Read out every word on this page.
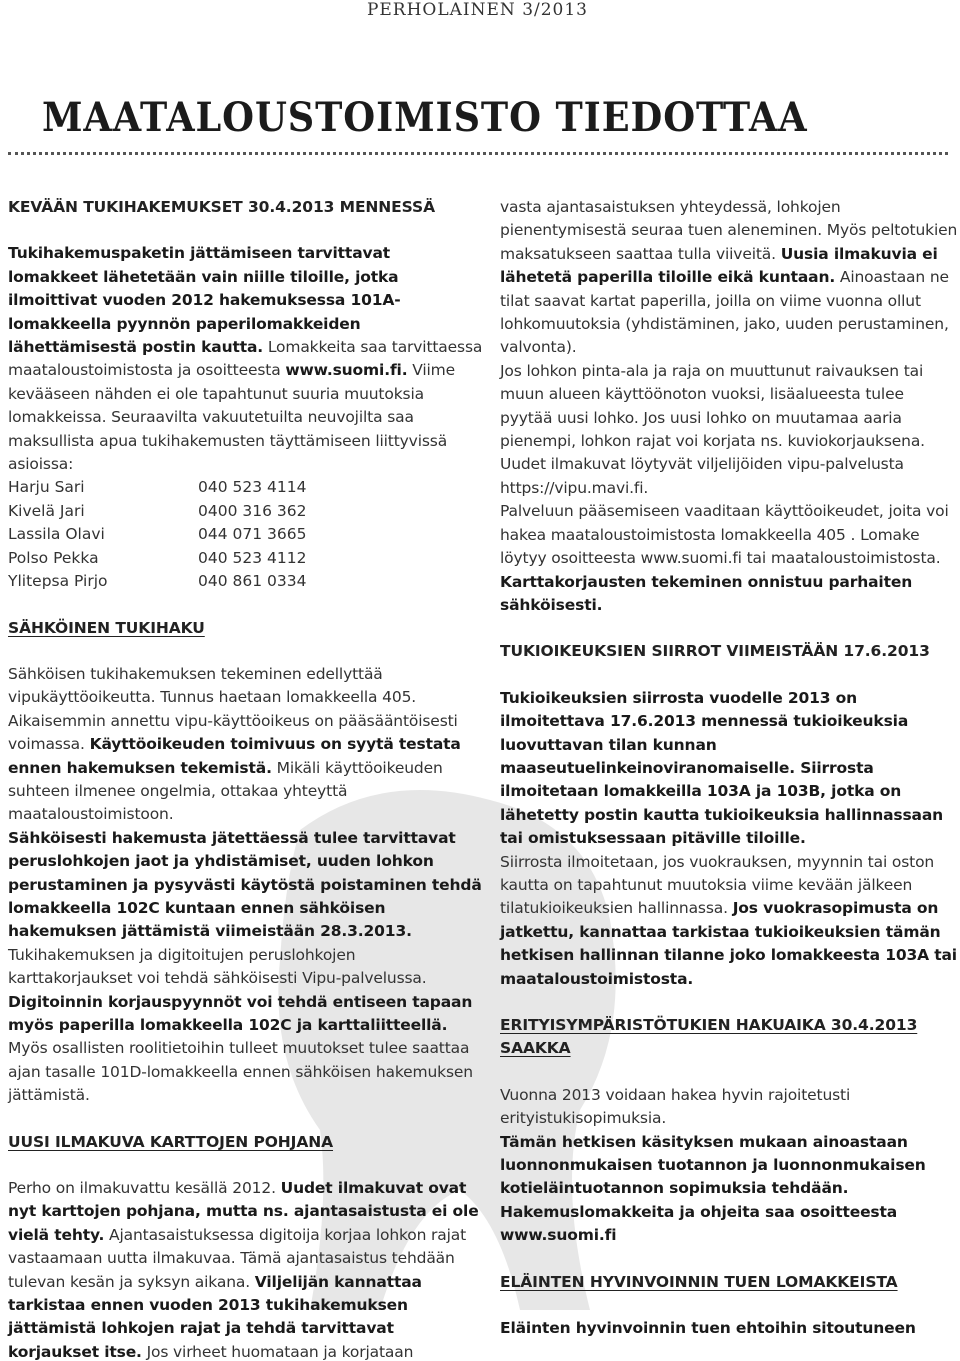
PERHOLAINEN 3/2013
MAATALOUSTOIMISTO TIEDOTTAA
KEVÄÄN TUKIHAKEMUKSET 30.4.2013 MENNESSÄ

Tukihakemuspaketin jättämiseen tarvittavat lomakkeet lähetetään vain niille tiloille, jotka ilmoittivat vuoden 2012 hakemuksessa 101A-lomakkeella pyynnön paperilomakkeiden lähettämisestä postin kautta. Lomakkeita saa tarvittaessa maataloustoimistosta ja osoitteesta www.suomi.fi. Viime kevääseen nähden ei ole tapahtunut suuria muutoksia lomakkeissa. Seuraavilta vakuutetuilta neuvojilta saa maksullista apua tukihakemusten täyttämiseen liittyvissä asioissa:

Harju Sari	040 523 4114
Kivelä Jari	0400 316 362
Lassila Olavi	044 071 3665
Polso Pekka	040 523 4112
Ylitepsa Pirjo	040 861 0334
SÄHKÖINEN TUKIHAKU

Sähköisen tukihakemuksen tekeminen edellyttää vipukäyttöoikeutta. Tunnus haetaan lomakkeella 405. Aikaisemmin annettu vipu-käyttöoikeus on pääsääntöisesti voimassa. Käyttöoikeuden toimivuus on syytä testata ennen hakemuksen tekemistä. Mikäli käyttöoikeuden suhteen ilmenee ongelmia, ottakaa yhteyttä maataloustoimistoon.

Sähköisesti hakemusta jätettäessä tulee tarvittavat peruslohkojen jaot ja yhdistämiset, uuden lohkon perustaminen ja pysyvästi käytöstä poistaminen tehdä lomakkeella 102C kuntaan ennen sähköisen hakemuksen jättämistä viimeistään 28.3.2013.

Tukihakemuksen ja digitoitujen peruslohkojen karttakorjaukset voi tehdä sähköisesti Vipu-palvelussa.

Digitoinnin korjauspyynnöt voi tehdä entiseen tapaan myös paperilla lomakkeella 102C ja karttaliitteellä.

Myös osallisten roolitietoihin tulleet muutokset tulee saattaa ajan tasalle 101D-lomakkeella ennen sähköisen hakemuksen jättämistä.

UUSI ILMAKUVA KARTTOJEN POHJANA

Perho on ilmakuvattu kesällä 2012. Uudet ilmakuvat ovat nyt karttojen pohjana, mutta ns. ajantasaistusta ei ole vielä tehty. Ajantasaistuksessa digitoija korjaa lohkon rajat vastaamaan uutta ilmakuvaa. Tämä ajantasaistus tehdään tulevan kesän ja syksyn aikana. Viljelijän kannattaa tarkistaa ennen vuoden 2013 tukihakemuksen jättämistä lohkojen rajat ja tehdä tarvittavat korjaukset itse. Jos virheet huomataan ja korjataan

vasta ajantasaistuksen yhteydessä, lohkojen pienentymisestä seuraa tuen aleneminen. Myös peltotukien maksatukseen saattaa tulla viiveitä. Uusia ilmakuvia ei lähetetä paperilla tiloille eikä kuntaan. Ainoastaan ne tilat saavat kartat paperilla, joilla on viime vuonna ollut lohkomuutoksia (yhdistäminen, jako, uuden perustaminen, valvonta).

Jos lohkon pinta-ala ja raja on muuttunut raivauksen tai muun alueen käyttöönoton vuoksi, lisäalueesta tulee pyytää uusi lohko. Jos uusi lohko on muutamaa aaria pienempi, lohkon rajat voi korjata ns. kuviokorjauksena.

Uudet ilmakuvat löytyvät viljelijöiden vipu-palvelusta https://vipu.mavi.fi.

Palveluun pääsemiseen vaaditaan käyttöoikeudet, joita voi hakea maataloustoimistosta lomakkeella 405 . Lomake löytyy osoitteesta www.suomi.fi tai maataloustoimistosta.

Karttakorjausten tekeminen onnistuu parhaiten sähköisesti.

TUKIOIKEUKSIEN SIIRROT VIIMEISTÄÄN 17.6.2013

Tukioikeuksien siirrosta vuodelle 2013 on ilmoitettava 17.6.2013 mennessä tukioikeuksia luovuttavan tilan kunnan maaseutuelinkeinoviranomaiselle. Siirrosta ilmoitetaan lomakkeilla 103A ja 103B, jotka on lähetetty postin kautta tukioikeuksia hallinnassaan tai omistuksessaan pitäville tiloille.

Siirrosta ilmoitetaan, jos vuokrauksen, myynnin tai oston kautta on tapahtunut muutoksia viime kevään jälkeen tilatukioikeuksien hallinnassa. Jos vuokrasopimusta on jatkettu, kannattaa tarkistaa tukioikeuksien tämän hetkisen hallinnan tilanne joko lomakkeesta 103A tai maataloustoimistosta.

ERITYISYMPÄRISTÖTUKIEN HAKUAIKA 30.4.2013 SAAKKA

Vuonna 2013 voidaan hakea hyvin rajoitetusti erityistukisopimuksia.

Tämän hetkisen käsityksen mukaan ainoastaan luonnonmukaisen tuotannon ja luonnonmukaisen kotieläintuotannon sopimuksia tehdään. Hakemuslomakkeita ja ohjeita saa osoitteesta www.suomi.fi

ELÄINTEN HYVINVOINNIN TUEN LOMAKKEISTA

Eläinten hyvinvoinnin tuen ehtoihin sitoutuneen
